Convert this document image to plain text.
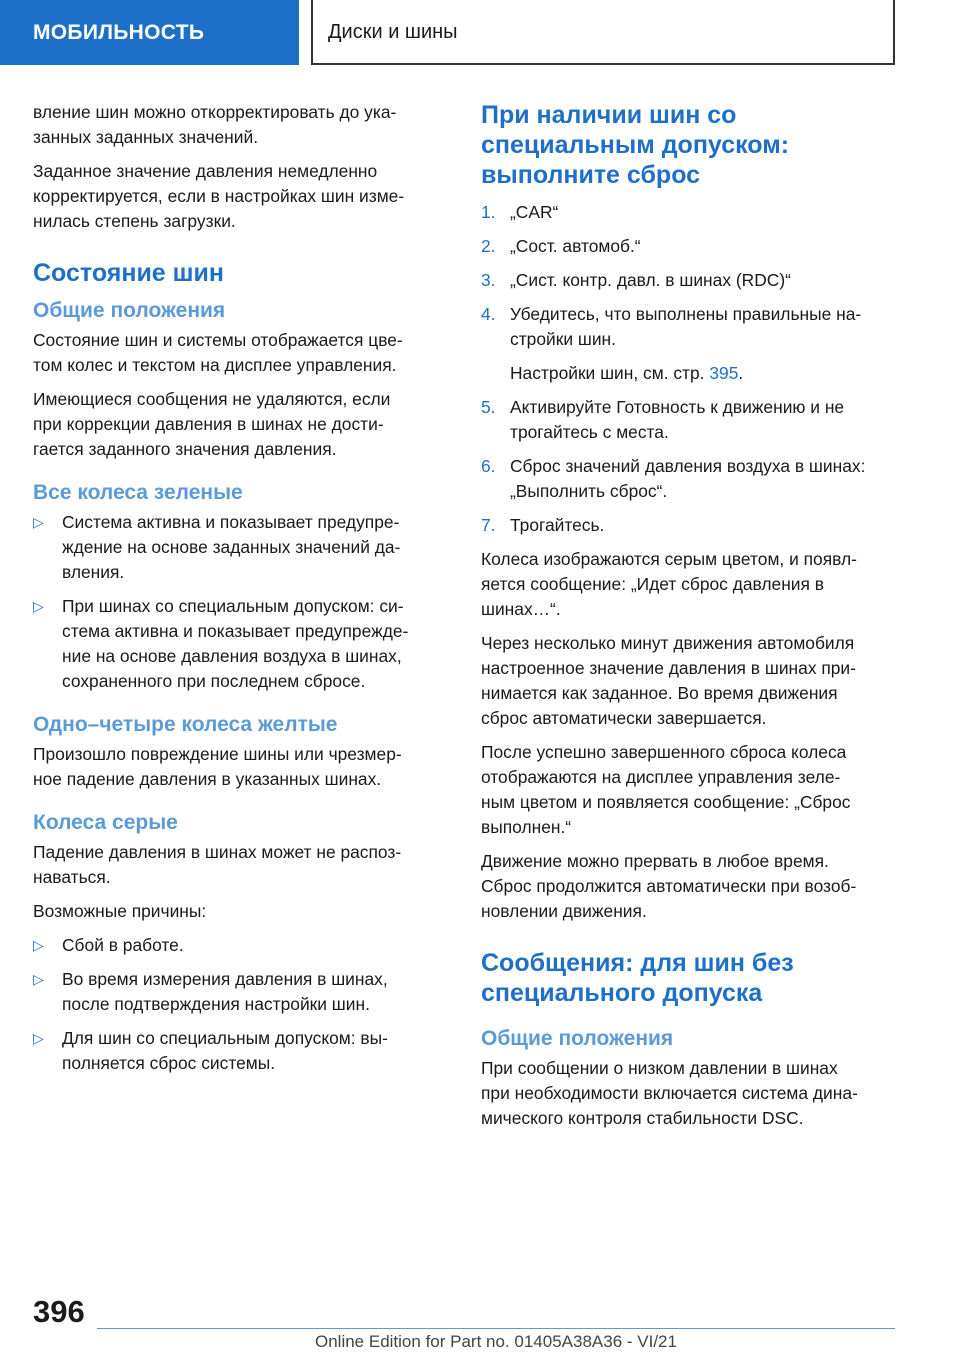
МОБИЛЬНОСТЬ	Диски и шины

вление шин можно откорректировать до ука-
занных заданных значений.

Заданное значение давления немедленно
корректируется, если в настройках шин изме-
нилась степень загрузки.

Состояние шин
Общие положения

Состояние шин и системы отображается цве-
том колес и текстом на дисплее управления.

Имеющиеся сообщения не удаляются, если
при коррекции давления в шинах не дости-
гается заданного значения давления.

Все колеса зеленые
▷ Система активна и показывает предупре-
ждение на основе заданных значений да-
вления.
▷ При шинах со специальным допуском: си-
стема активна и показывает предупрежде-
ние на основе давления воздуха в шинах,
сохраненного при последнем сбросе.
Одно–четыре колеса желтые

Произошло повреждение шины или чрезмер-
ное падение давления в указанных шинах.

Колеса серые

Падение давления в шинах может не распоз-
наваться.

Возможные причины:

▷ Сбой в работе.
▷ Во время измерения давления в шинах,
после подтверждения настройки шин.
▷ Для шин со специальным допуском: вы-
полняется сброс системы.
При наличии шин со
специальным допуском:
выполните сброс
1. „CAR“
2. „Сост. автомоб.“
3. „Сист. контр. давл. в шинах (RDC)“
4. Убедитесь, что выполнены правильные на-
стройки шин.
Настройки шин, см. стр. 395.
5. Активируйте Готовность к движению и не
трогайтесь с места.
6. Сброс значений давления воздуха в шинах:
„Выполнить сброс“.
7. Трогайтесь.

Колеса изображаются серым цветом, и появл-
яется сообщение: „Идет сброс давления в
шинах…“.

Через несколько минут движения автомобиля
настроенное значение давления в шинах при-
нимается как заданное. Во время движения
сброс автоматически завершается.

После успешно завершенного сброса колеса
отображаются на дисплее управления зеле-
ным цветом и появляется сообщение: „Сброс
выполнен.“

Движение можно прервать в любое время.
Сброс продолжится автоматически при возоб-
новлении движения.

Сообщения: для шин без
специального допуска
Общие положения

При сообщении о низком давлении в шинах
при необходимости включается система дина-
мического контроля стабильности DSC.

396
Online Edition for Part no. 01405A38A36 - VI/21
